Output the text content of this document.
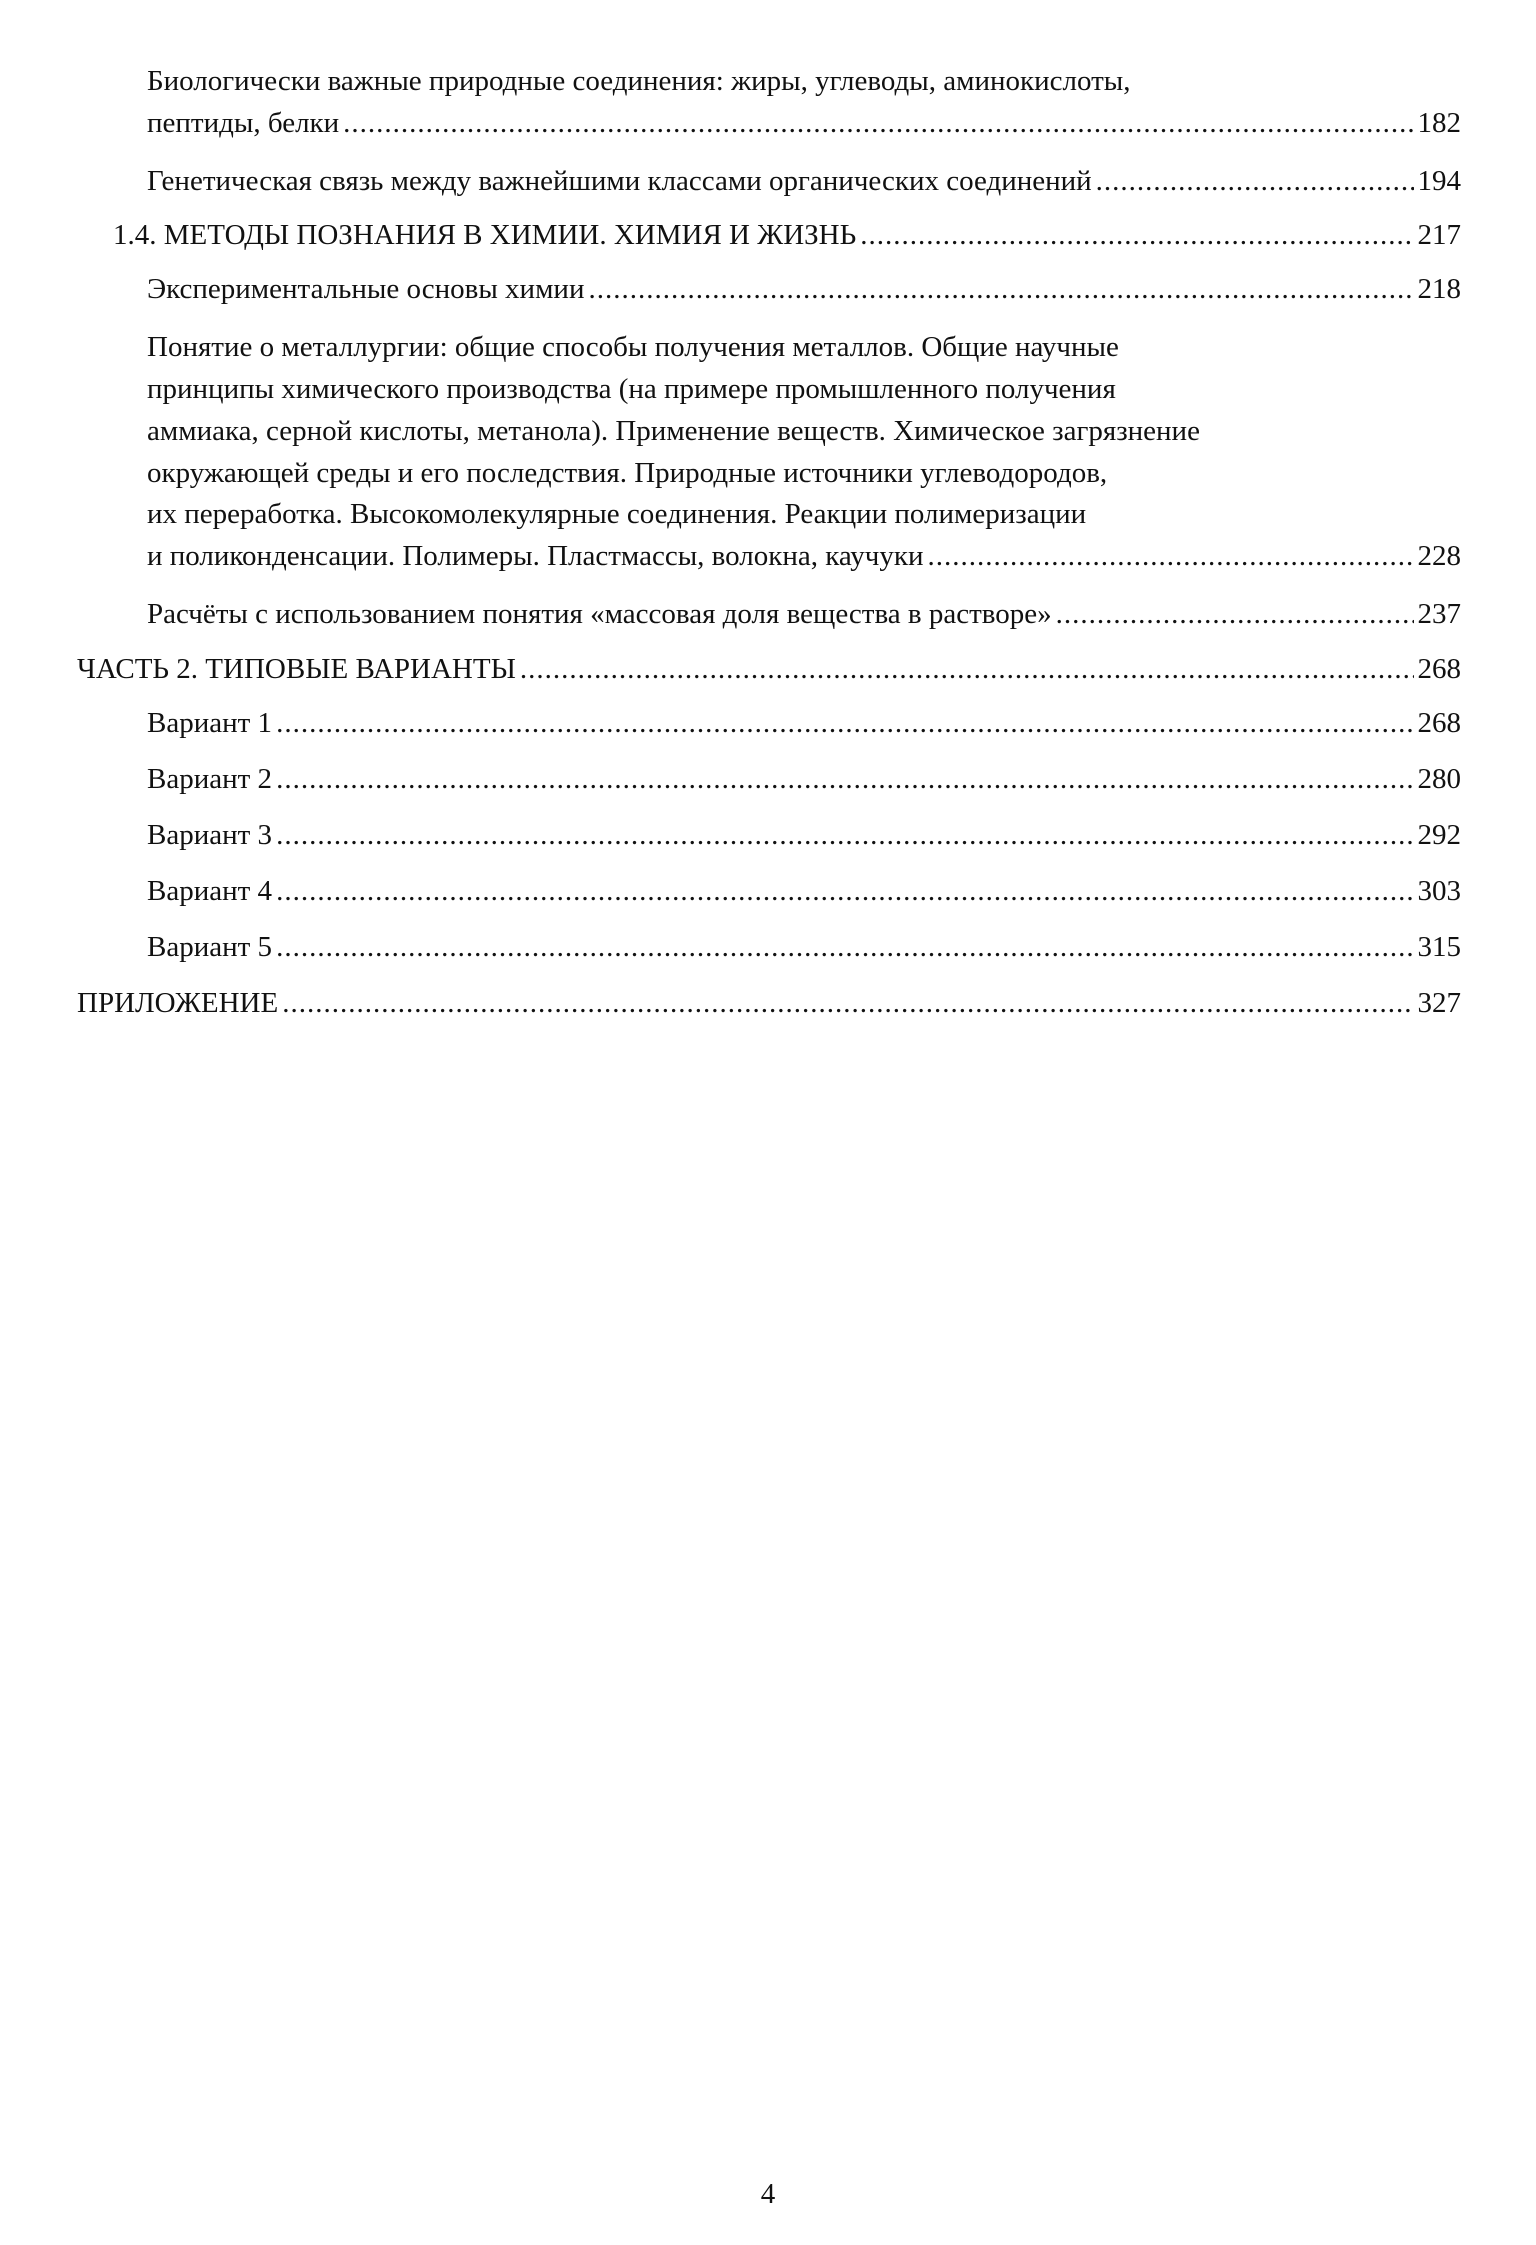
Биологически важные природные соединения: жиры, углеводы, аминокислоты,
пептиды, белки .....	182
Генетическая связь между важнейшими классами органических соединений .....	194
1.4. МЕТОДЫ ПОЗНАНИЯ В ХИМИИ. ХИМИЯ И ЖИЗНЬ .....	217
Экспериментальные основы химии .....	218
Понятие о металлургии: общие способы получения металлов. Общие научные
принципы химического производства (на примере промышленного получения
аммиака, серной кислоты, метанола). Применение веществ. Химическое загрязнение
окружающей среды и его последствия. Природные источники углеводородов,
их переработка. Высокомолекулярные соединения. Реакции полимеризации
и поликонденсации. Полимеры. Пластмассы, волокна, каучуки .....	228
Расчёты с использованием понятия «массовая доля вещества в растворе» .....	237
ЧАСТЬ 2. ТИПОВЫЕ ВАРИАНТЫ .....	268
Вариант 1 .....	268
Вариант 2 .....	280
Вариант 3 .....	292
Вариант 4 .....	303
Вариант 5 .....	315
ПРИЛОЖЕНИЕ .....	327
4
